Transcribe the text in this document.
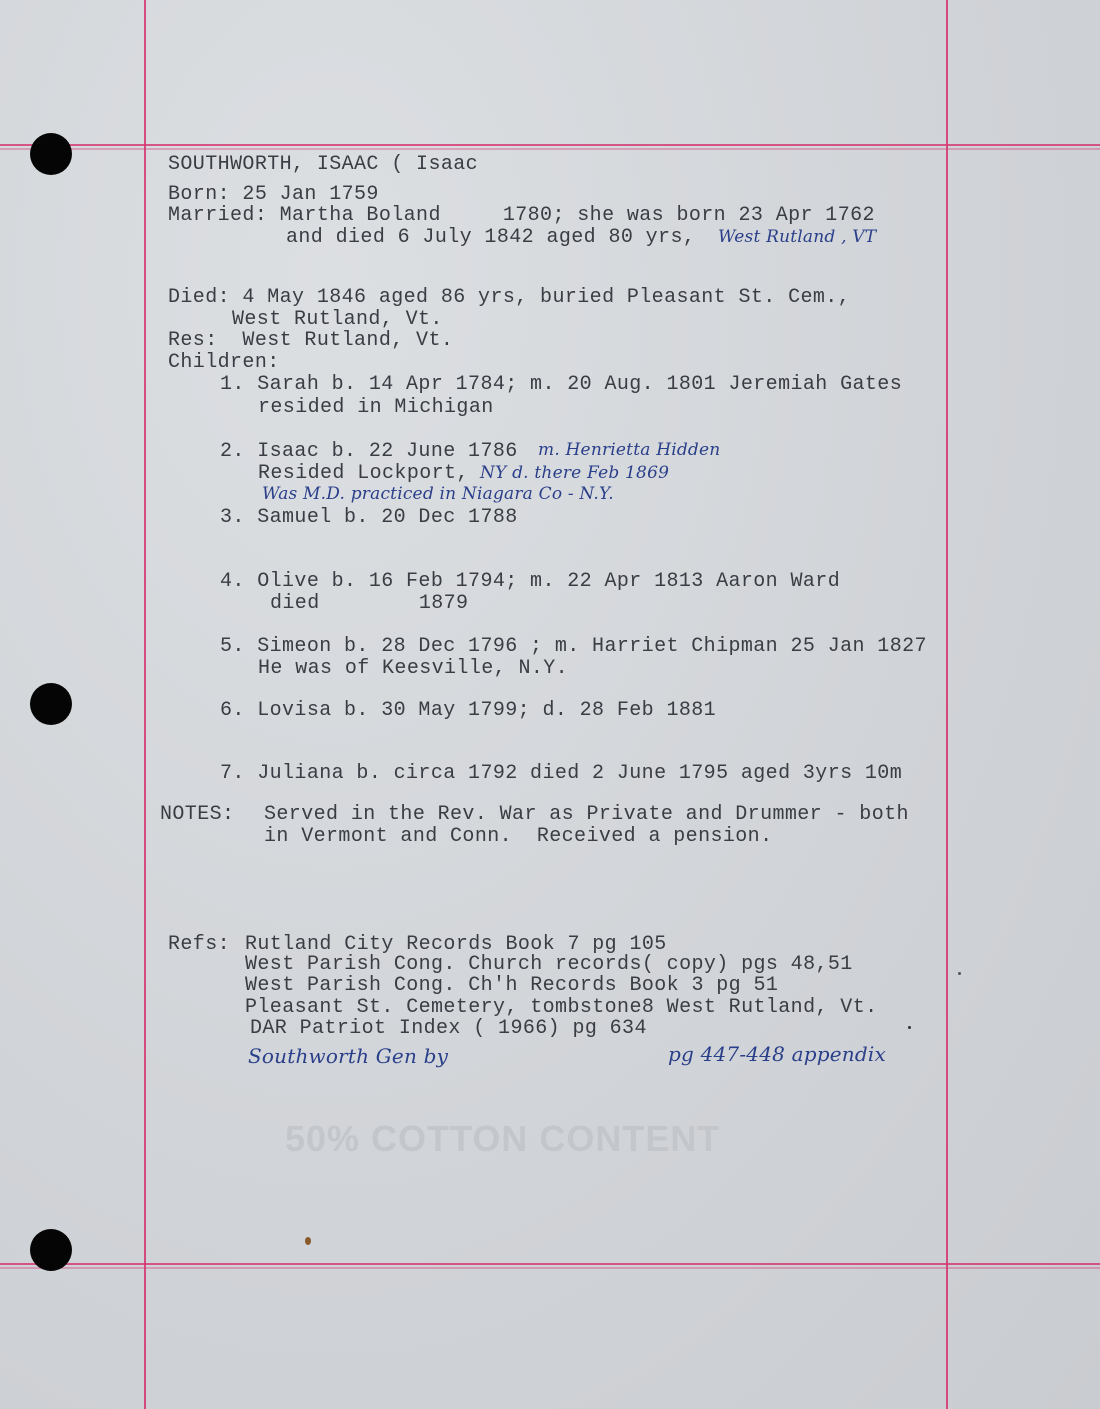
50% COTTON CONTENT
SOUTHWORTH, ISAAC ( Isaac
Born: 25 Jan 1759
Married: Martha Boland     1780; she was born 23 Apr 1762
and died 6 July 1842 aged 80 yrs, West Rutland , VT
Died: 4 May 1846 aged 86 yrs, buried Pleasant St. Cem.,
West Rutland, Vt.
Res:  West Rutland, Vt.
Children:
1. Sarah b. 14 Apr 1784; m. 20 Aug. 1801 Jeremiah Gates
resided in Michigan
2. Isaac b. 22 June 1786 m. Henrietta Hidden
Resided Lockport, NY d. there Feb 1869
Was M.D. practiced in Niagara Co - N.Y.
3. Samuel b. 20 Dec 1788
4. Olive b. 16 Feb 1794; m. 22 Apr 1813 Aaron Ward
died        1879
5. Simeon b. 28 Dec 1796 ; m. Harriet Chipman 25 Jan 1827
He was of Keesville, N.Y.
6. Lovisa b. 30 May 1799; d. 28 Feb 1881
7. Juliana b. circa 1792 died 2 June 1795 aged 3yrs 10m
NOTES: Served in the Rev. War as Private and Drummer - both
in Vermont and Conn.  Received a pension.
Refs: Rutland City Records Book 7 pg 105
West Parish Cong. Church records( copy) pgs 48,51
West Parish Cong. Ch'h Records Book 3 pg 51
Pleasant St. Cemetery, tombstone8 West Rutland, Vt.
DAR Patriot Index ( 1966) pg 634
Southworth Gen by	pg 447-448 appendix
